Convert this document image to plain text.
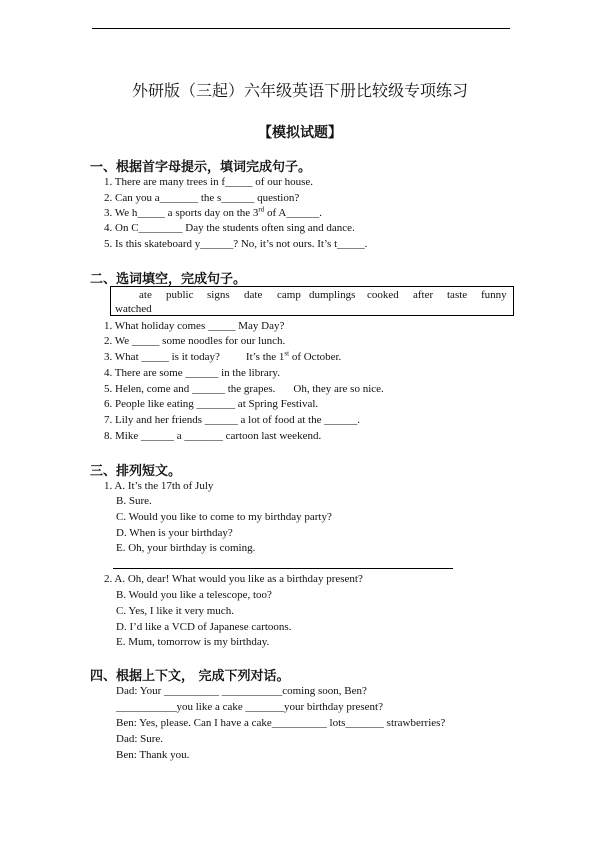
外研版（三起）六年级英语下册比较级专项练习
【模拟试题】
一、根据首字母提示，填词完成句子。
1. There are many trees in f_____ of our house.
2. Can you a_______ the s______ question?
3. We h_____ a sports day on the 3rd of A______.
4. On C________ Day the students often sing and dance.
5. Is this skateboard y______? No, it’s not ours. It’s t_____.
二、选词填空，完成句子。
ate public signs date camp dumplings cooked after taste funny
watched
1. What holiday comes _____ May Day?
2. We _____ some noodles for our lunch.
3. What _____ is it today? It’s the 1st of October.
4. There are some ______ in the library.
5. Helen, come and ______ the grapes. Oh, they are so nice.
6. People like eating _______ at Spring Festival.
7. Lily and her friends ______ a lot of food at the ______.
8. Mike ______ a _______ cartoon last weekend.
三、排列短文。
1. A. It’s the 17th of July
B. Sure.
C. Would you like to come to my birthday party?
D. When is your birthday?
E. Oh, your birthday is coming.
2. A. Oh, dear! What would you like as a birthday present?
B. Would you like a telescope, too?
C. Yes, I like it very much.
D. I’d like a VCD of Japanese cartoons.
E. Mum, tomorrow is my birthday.
四、根据上下文， 完成下列对话。
Dad: Your __________ ___________coming soon, Ben?
___________you like a cake _______your birthday present?
Ben: Yes, please. Can I have a cake__________ lots_______ strawberries?
Dad: Sure.
Ben: Thank you.
